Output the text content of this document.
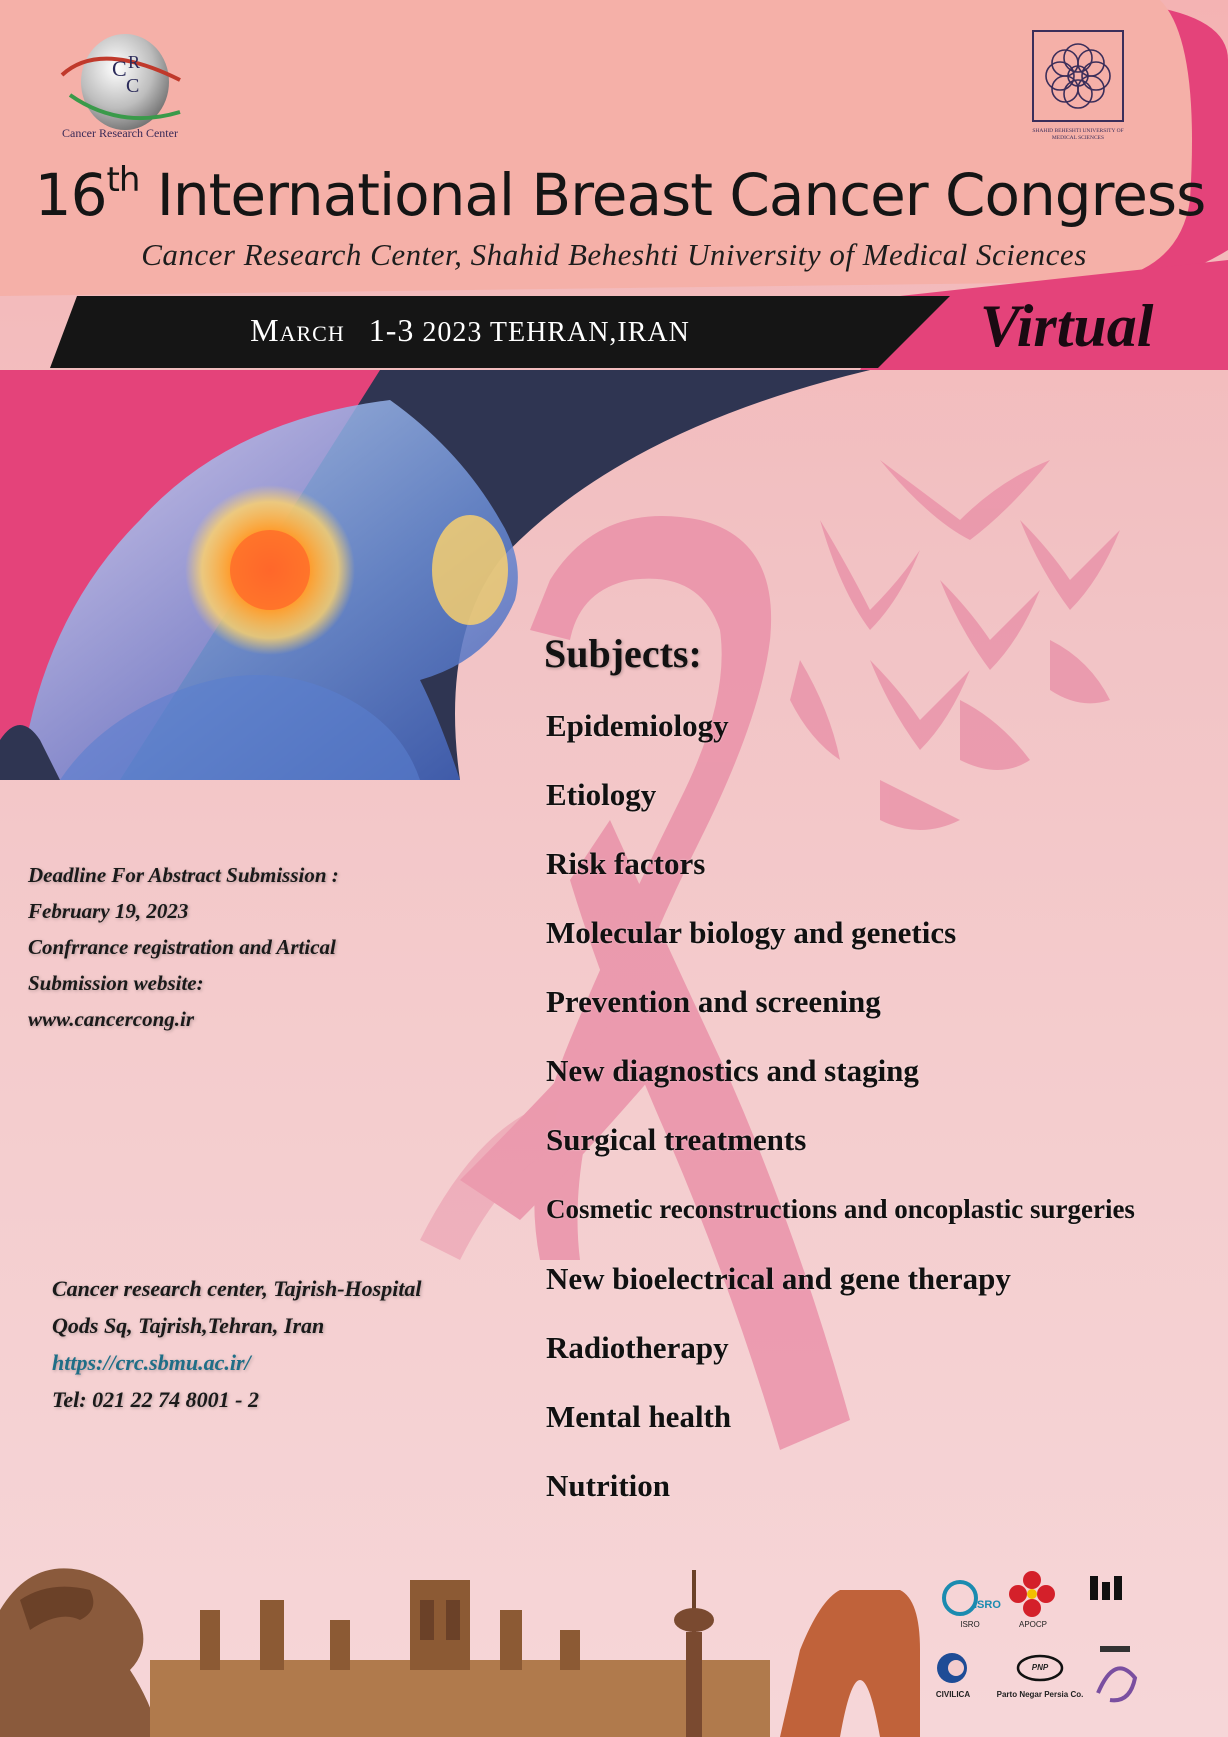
March 1-3 2023 TEHRAN,IRAN	Virtual
C R
C
Cancer Research Center	SHAHID BEHESHTI UNIVERSITY OF MEDICAL SCIENCES
16th International Breast Cancer Congress
Cancer Research Center, Shahid Beheshti University of Medical Sciences
Subjects:
Epidemiology
Etiology
Risk factors
Molecular biology and genetics
Prevention and screening
New diagnostics and staging
Surgical treatments
Cosmetic reconstructions and oncoplastic surgeries
New bioelectrical and gene therapy
Radiotherapy
Mental health
Nutrition
Deadline For Abstract Submission :
February 19, 2023
Confrrance registration and Artical
Submission website:
www.cancercong.ir
Cancer research center, Tajrish-Hospital
Qods Sq, Tajrish,Tehran, Iran
https://crc.sbmu.ac.ir/
Tel: 021 22 74 8001 - 2
ISRO
ISRO	APOCP
CIVILICA
PNP
Parto Negar Persia Co.
